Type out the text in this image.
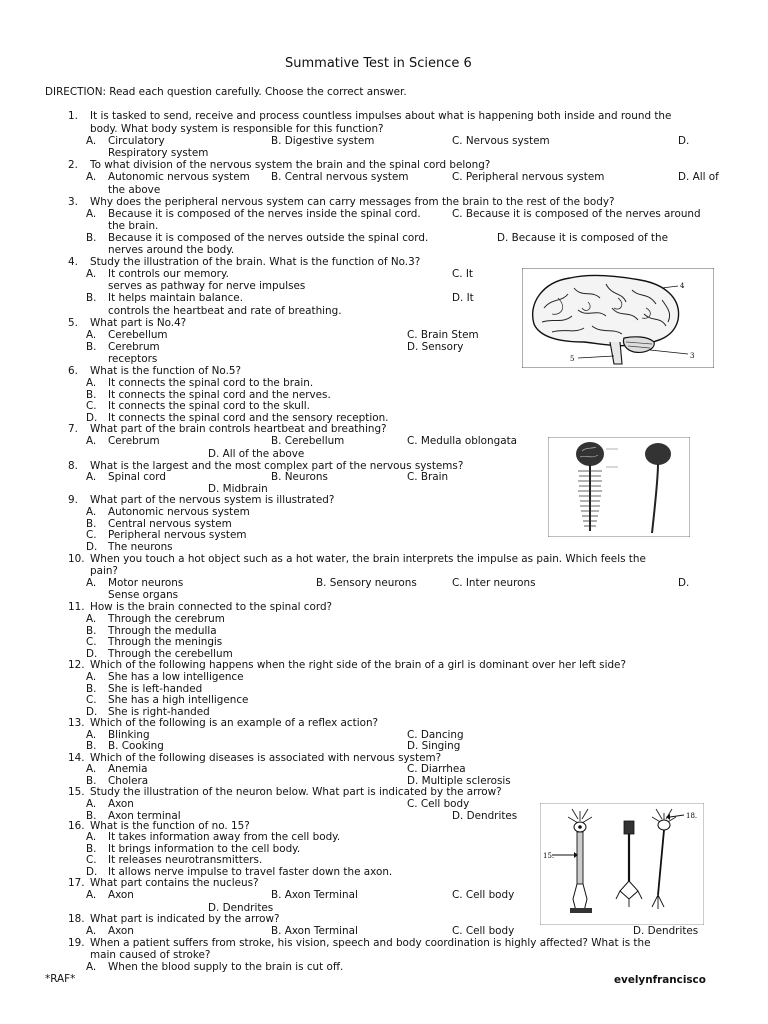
Summative Test in Science 6
DIRECTION: Read each question carefully. Choose the correct answer.
1. It is tasked to send, receive and process countless impulses about what is happening both inside and round the
body. What body system is responsible for this function?
A. Circulatory	B. Digestive system	C. Nervous system	D.
Respiratory system
2. To what division of the nervous system the brain and the spinal cord belong?
A. Autonomic nervous system B. Central nervous system	C. Peripheral nervous system	D. All of
the above
3. Why does the peripheral nervous system can carry messages from the brain to the rest of the body?
A. Because it is composed of the nerves inside the spinal cord.	C. Because it is composed of the nerves around
the brain.
B. Because it is composed of the nerves outside the spinal cord.	D. Because it is composed of the
nerves around the body.
4. Study the illustration of the brain. What is the function of No.3?
A. It controls our memory.	C. It
serves as pathway for nerve impulses
B. It helps maintain balance.	D. It
controls the heartbeat and rate of breathing.
5. What part is No.4?
A. Cerebellum	C. Brain Stem
B. Cerebrum	D. Sensory
receptors
4
3
5
6. What is the function of No.5?
A. It connects the spinal cord to the brain.
B. It connects the spinal cord and the nerves.
C. It connects the spinal cord to the skull.
D. It connects the spinal cord and the sensory reception.
7. What part of the brain controls heartbeat and breathing?
A. Cerebrum	B. Cerebellum	C. Medulla oblongata
D. All of the above
8. What is the largest and the most complex part of the nervous systems?
A. Spinal cord	B. Neurons	C. Brain
D. Midbrain
9. What part of the nervous system is illustrated?
A. Autonomic nervous system
B. Central nervous system
C. Peripheral nervous system
D. The neurons
10. When you touch a hot object such as a hot water, the brain interprets the impulse as pain. Which feels the
pain?
A. Motor neurons	B. Sensory neurons	C. Inter neurons	D.
Sense organs
11. How is the brain connected to the spinal cord?
A. Through the cerebrum
B. Through the medulla
C. Through the meningis
D. Through the cerebellum
12. Which of the following happens when the right side of the brain of a girl is dominant over her left side?
A. She has a low intelligence
B. She is left-handed
C. She has a high intelligence
D. She is right-handed
13. Which of the following is an example of a reflex action?
A. Blinking	C. Dancing
B. B. Cooking	D. Singing
14. Which of the following diseases is associated with nervous system?
A. Anemia	C. Diarrhea
B. Cholera	D. Multiple sclerosis
15. Study the illustration of the neuron below. What part is indicated by the arrow?
A. Axon	C. Cell body
B. Axon terminal	D. Dendrites
15.
18.
16. What is the function of no. 15?
A. It takes information away from the cell body.
B. It brings information to the cell body.
C. It releases neurotransmitters.
D. It allows nerve impulse to travel faster down the axon.
17. What part contains the nucleus?
A. Axon	B. Axon Terminal	C. Cell body
D. Dendrites
18. What part is indicated by the arrow?
A. Axon	B. Axon Terminal	C. Cell body	D. Dendrites
19. When a patient suffers from stroke, his vision, speech and body coordination is highly affected? What is the
main caused of stroke?
A. When the blood supply to the brain is cut off.
*RAF*	evelynfrancisco
